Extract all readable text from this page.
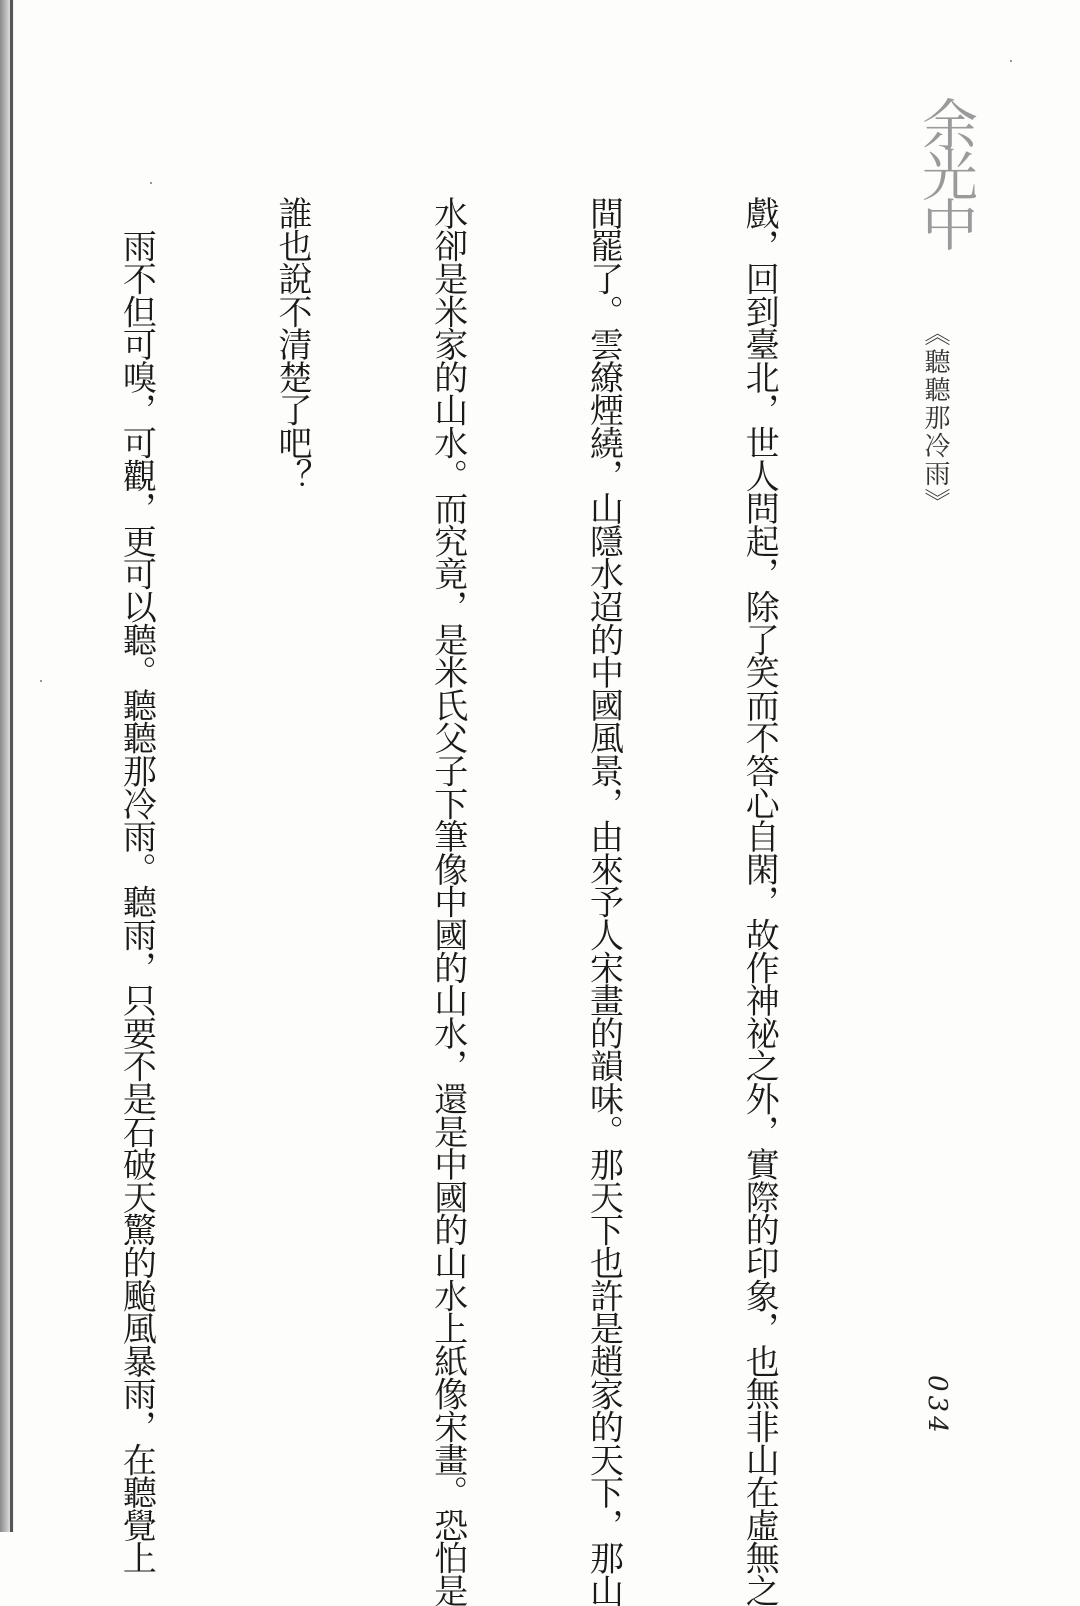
余光中
《聽聽那冷雨》
034

戲，回到臺北，世人問起，除了笑而不答心自閑，故作神祕之外，實際的印象，也無非山在虛無之

間罷了。雲繚煙繞，山隱水迢的中國風景，由來予人宋畫的韻味。那天下也許是趙家的天下，那山

水卻是米家的山水。而究竟，是米氏父子下筆像中國的山水，還是中國的山水上紙像宋畫。恐怕是

誰也說不清楚了吧？

　雨不但可嗅，可觀，更可以聽。聽聽那冷雨。聽雨，只要不是石破天驚的颱風暴雨，在聽覺上
